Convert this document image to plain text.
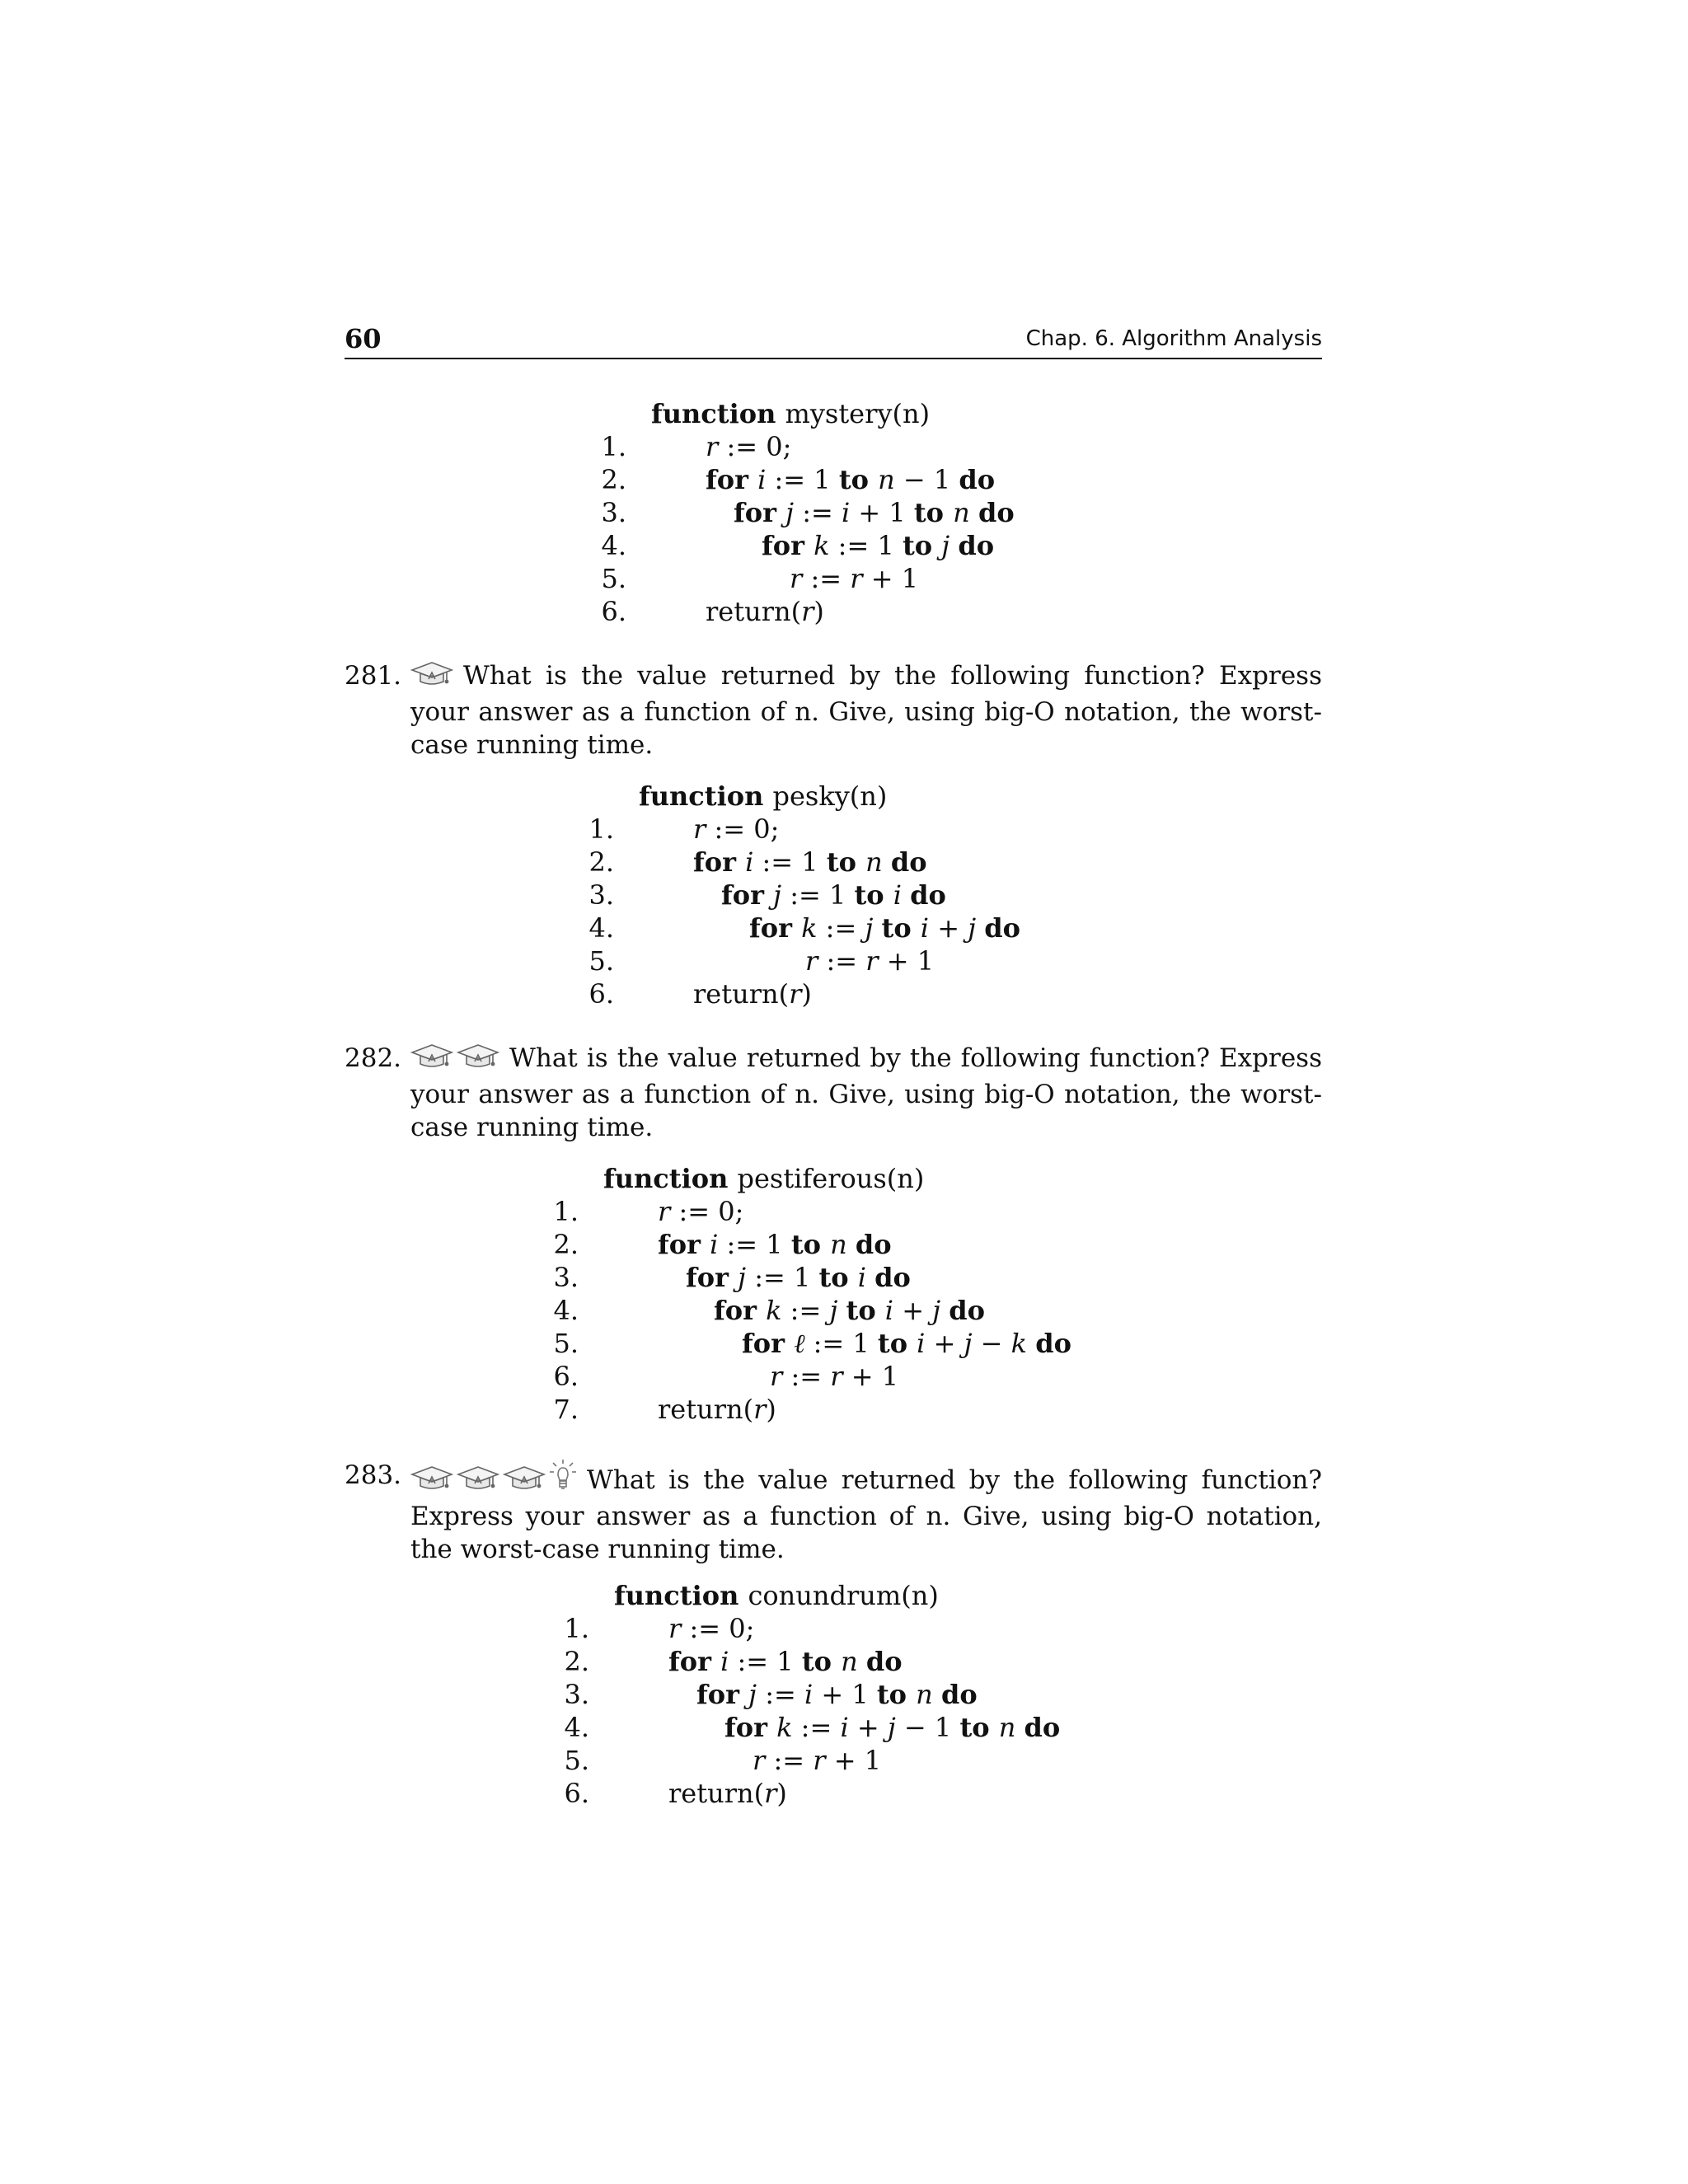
60	Chap. 6. Algorithm Analysis
function mystery(n)
1.	r := 0;
2.	for i := 1 to n − 1 do
3.	for j := i + 1 to n do
4.	for k := 1 to j do
5.	r := r + 1
6.	return(r)
281.	What is the value returned by the following function? Express your answer as a function of n. Give, using big-O notation, the worst-case running time.
function pesky(n)
1.	r := 0;
2.	for i := 1 to n do
3.	for j := 1 to i do
4.	for k := j to i + j do
5.	r := r + 1
6.	return(r)
282.	What is the value returned by the following function? Express your answer as a function of n. Give, using big-O notation, the worst-case running time.
function pestiferous(n)
1.	r := 0;
2.	for i := 1 to n do
3.	for j := 1 to i do
4.	for k := j to i + j do
5.	for ℓ := 1 to i + j − k do
6.	r := r + 1
7.	return(r)
283.	What is the value returned by the following function? Express your answer as a function of n. Give, using big-O notation, the worst-case running time.
function conundrum(n)
1.	r := 0;
2.	for i := 1 to n do
3.	for j := i + 1 to n do
4.	for k := i + j − 1 to n do
5.	r := r + 1
6.	return(r)
